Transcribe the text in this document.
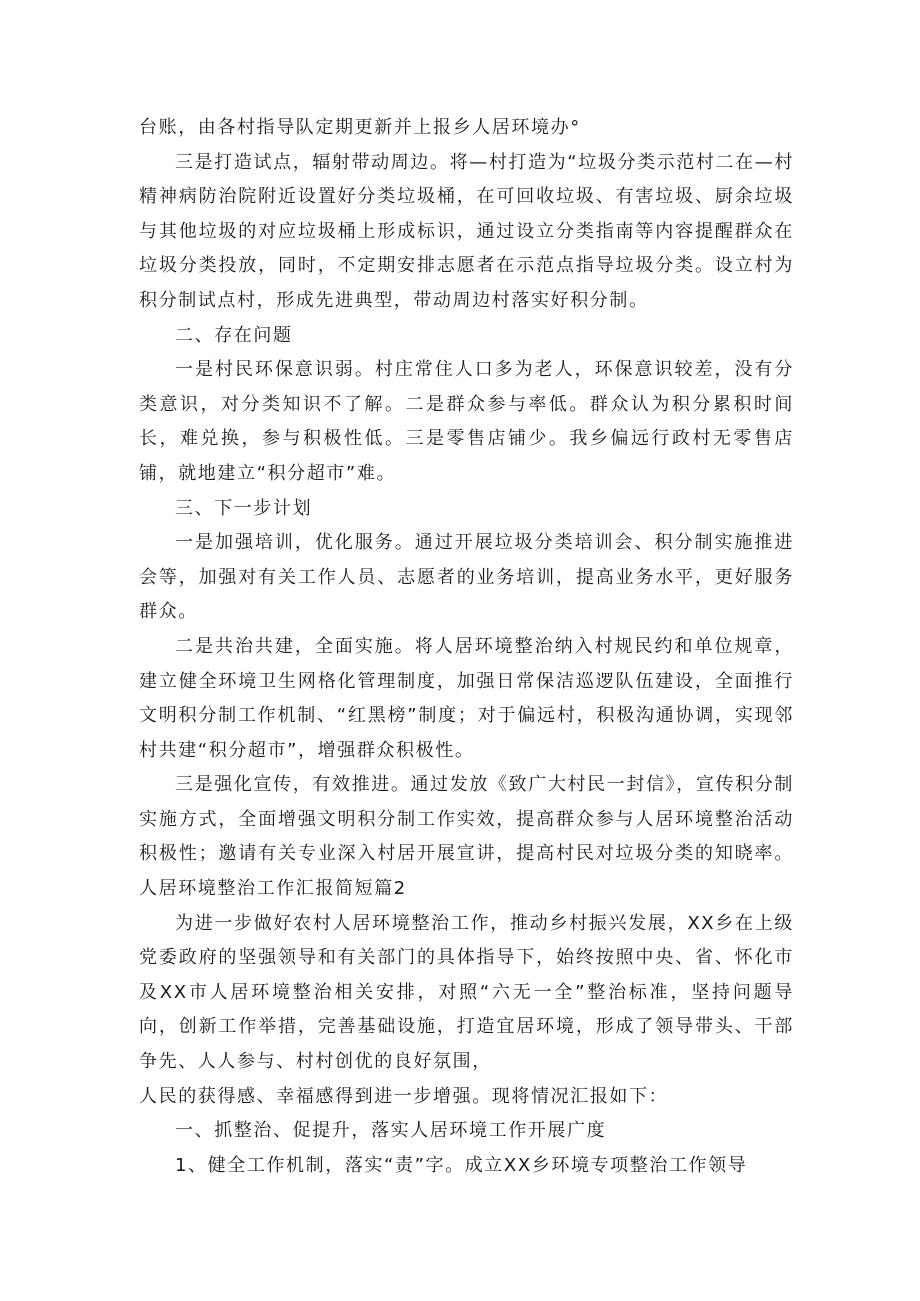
台账，由各村指导队定期更新并上报乡人居环境办°

三是打造试点，辐射带动周边。将—村打造为“垃圾分类示范村二在—村精神病防治院附近设置好分类垃圾桶，在可回收垃圾、有害垃圾、厨余垃圾与其他垃圾的对应垃圾桶上形成标识，通过设立分类指南等内容提醒群众在垃圾分类投放，同时，不定期安排志愿者在示范点指导垃圾分类。设立村为积分制试点村，形成先进典型，带动周边村落实好积分制。

二、存在问题

一是村民环保意识弱。村庄常住人口多为老人，环保意识较差，没有分类意识，对分类知识不了解。二是群众参与率低。群众认为积分累积时间长，难兑换，参与积极性低。三是零售店铺少。我乡偏远行政村无零售店铺，就地建立“积分超市”难。

三、下一步计划

一是加强培训，优化服务。通过开展垃圾分类培训会、积分制实施推进会等，加强对有关工作人员、志愿者的业务培训，提高业务水平，更好服务群众。

二是共治共建，全面实施。将人居环境整治纳入村规民约和单位规章，建立健全环境卫生网格化管理制度，加强日常保洁巡逻队伍建设，全面推行文明积分制工作机制、“红黑榜”制度；对于偏远村，积极沟通协调，实现邻村共建“积分超市”，增强群众积极性。

三是强化宣传，有效推进。通过发放《致广大村民一封信》，宣传积分制实施方式，全面增强文明积分制工作实效，提高群众参与人居环境整治活动积极性；邀请有关专业深入村居开展宣讲，提高村民对垃圾分类的知晓率。人居环境整治工作汇报简短篇2

为进一步做好农村人居环境整治工作，推动乡村振兴发展，XX乡在上级党委政府的坚强领导和有关部门的具体指导下，始终按照中央、省、怀化市及XX市人居环境整治相关安排，对照“六无一全”整治标准，坚持问题导向，创新工作举措，完善基础设施，打造宜居环境，形成了领导带头、干部争先、人人参与、村村创优的良好氛围，

人民的获得感、幸福感得到进一步增强。现将情况汇报如下：

一、抓整治、促提升，落实人居环境工作开展广度

1、健全工作机制，落实“责”字。成立XX乡环境专项整治工作领导
